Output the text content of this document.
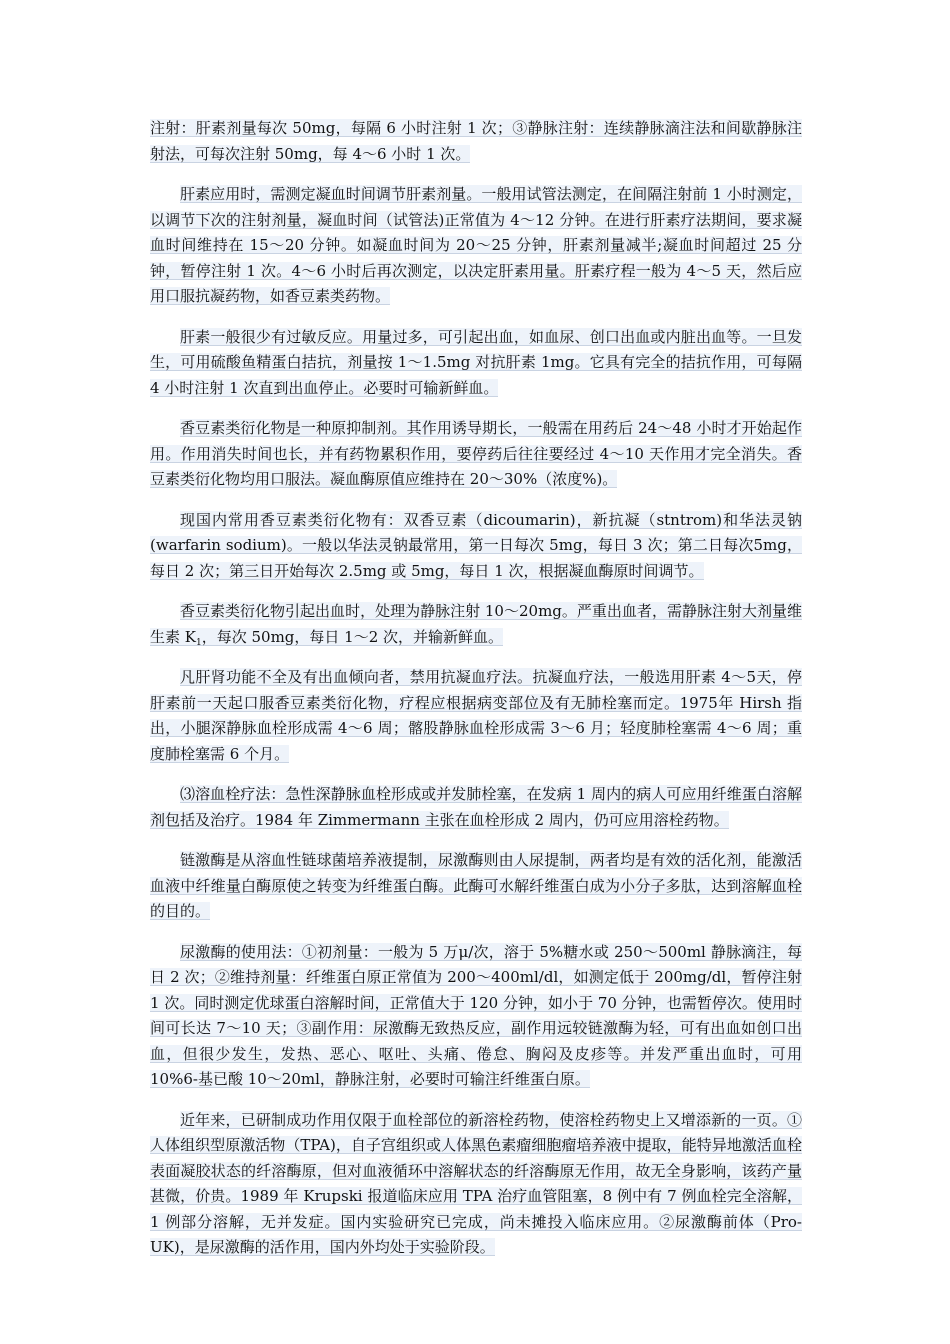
注射：肝素剂量每次 50mg，每隔 6 小时注射 1 次；③静脉注射：连续静脉滴注法和间歇静脉注射法，可每次注射 50mg，每 4～6 小时 1 次。

肝素应用时，需测定凝血时间调节肝素剂量。一般用试管法测定，在间隔注射前 1 小时测定，以调节下次的注射剂量，凝血时间（试管法)正常值为 4～12 分钟。在进行肝素疗法期间，要求凝血时间维持在 15～20 分钟。如凝血时间为 20～25 分钟，肝素剂量减半;凝血时间超过 25 分钟，暂停注射 1 次。4～6 小时后再次测定，以决定肝素用量。肝素疗程一般为 4～5 天，然后应用口服抗凝药物，如香豆素类药物。

肝素一般很少有过敏反应。用量过多，可引起出血，如血尿、创口出血或内脏出血等。一旦发生，可用硫酸鱼精蛋白拮抗，剂量按 1～1.5mg 对抗肝素 1mg。它具有完全的拮抗作用，可每隔 4 小时注射 1 次直到出血停止。必要时可输新鲜血。

香豆素类衍化物是一种原抑制剂。其作用诱导期长，一般需在用药后 24～48 小时才开始起作用。作用消失时间也长，并有药物累积作用，要停药后往往要经过 4～10 天作用才完全消失。香豆素类衍化物均用口服法。凝血酶原值应维持在 20～30%（浓度%)。

现国内常用香豆素类衍化物有：双香豆素（dicoumarin)，新抗凝（stntrom)和华法灵钠(warfarin sodium)。一般以华法灵钠最常用，第一日每次 5mg，每日 3 次；第二日每次5mg，每日 2 次；第三日开始每次 2.5mg 或 5mg，每日 1 次，根据凝血酶原时间调节。

香豆素类衍化物引起出血时，处理为静脉注射 10～20mg。严重出血者，需静脉注射大剂量维生素 $K_1$，每次 50mg，每日 1～2 次，并输新鲜血。

凡肝肾功能不全及有出血倾向者，禁用抗凝血疗法。抗凝血疗法，一般选用肝素 4～5天，停肝素前一天起口服香豆素类衍化物，疗程应根据病变部位及有无肺栓塞而定。1975年 Hirsh 指出，小腿深静脉血栓形成需 4～6 周；髂股静脉血栓形成需 3～6 月；轻度肺栓塞需 4～6 周；重度肺栓塞需 6 个月。

⑶溶血栓疗法：急性深静脉血栓形成或并发肺栓塞，在发病 1 周内的病人可应用纤维蛋白溶解剂包括及治疗。1984 年 Zimmermann 主张在血栓形成 2 周内，仍可应用溶栓药物。

链激酶是从溶血性链球菌培养液提制，尿激酶则由人尿提制，两者均是有效的活化剂，能激活血液中纤维量白酶原使之转变为纤维蛋白酶。此酶可水解纤维蛋白成为小分子多肽，达到溶解血栓的目的。

尿激酶的使用法：①初剂量：一般为 5 万μ/次，溶于 5%糖水或 250～500ml 静脉滴注，每日 2 次；②维持剂量：纤维蛋白原正常值为 200～400ml/dl，如测定低于 200mg/dl，暂停注射 1 次。同时测定优球蛋白溶解时间，正常值大于 120 分钟，如小于 70 分钟，也需暂停次。使用时间可长达 7～10 天；③副作用：尿激酶无致热反应，副作用远较链激酶为轻，可有出血如创口出血，但很少发生，发热、恶心、呕吐、头痛、倦怠、胸闷及皮疹等。并发严重出血时，可用 10%6-基已酸 10～20ml，静脉注射，必要时可输注纤维蛋白原。

近年来，已研制成功作用仅限于血栓部位的新溶栓药物，使溶栓药物史上又增添新的一页。①人体组织型原激活物（TPA)，自子宫组织或人体黑色素瘤细胞瘤培养液中提取，能特异地激活血栓表面凝胶状态的纤溶酶原，但对血液循环中溶解状态的纤溶酶原无作用，故无全身影响，该药产量甚微，价贵。1989 年 Krupski 报道临床应用 TPA 治疗血管阻塞，8 例中有 7 例血栓完全溶解，1 例部分溶解，无并发症。国内实验研究已完成，尚未摊投入临床应用。②尿激酶前体（Pro-UK)，是尿激酶的活作用，国内外均处于实验阶段。
